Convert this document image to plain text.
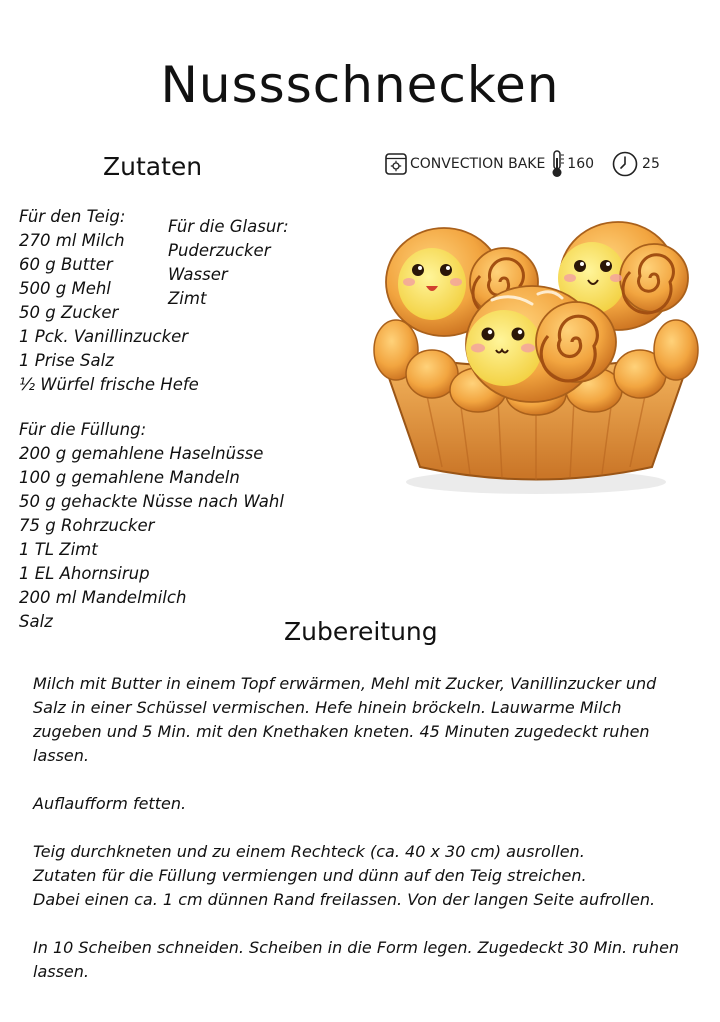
Nussschnecken
CONVECTION BAKE 160	25
Zutaten
Für den Teig:
270 ml Milch
60 g Butter
500 g Mehl
50 g Zucker
1 Pck. Vanillinzucker
1 Prise Salz
½ Würfel frische Hefe
Für die Glasur:
Puderzucker
Wasser
Zimt
Für die Füllung:
200 g gemahlene Haselnüsse
100 g gemahlene Mandeln
50 g gehackte Nüsse nach Wahl
75 g Rohrzucker
1 TL Zimt
1 EL Ahornsirup
200 ml Mandelmilch
Salz	Zubereitung

Milch mit Butter in einem Topf erwärmen, Mehl mit Zucker, Vanillinzucker und Salz in einer Schüssel vermischen. Hefe hinein bröckeln. Lauwarme Milch zugeben und 5 Min. mit den Knethaken kneten. 45 Minuten zugedeckt ruhen lassen.

Auflaufform fetten.

Teig durchkneten und zu einem Rechteck (ca. 40 x 30 cm) ausrollen.
Zutaten für die Füllung vermiengen und dünn auf den Teig streichen.
Dabei einen ca. 1 cm dünnen Rand freilassen. Von der langen Seite aufrollen.

In 10 Scheiben schneiden. Scheiben in die Form legen. Zugedeckt 30 Min. ruhen lassen.
